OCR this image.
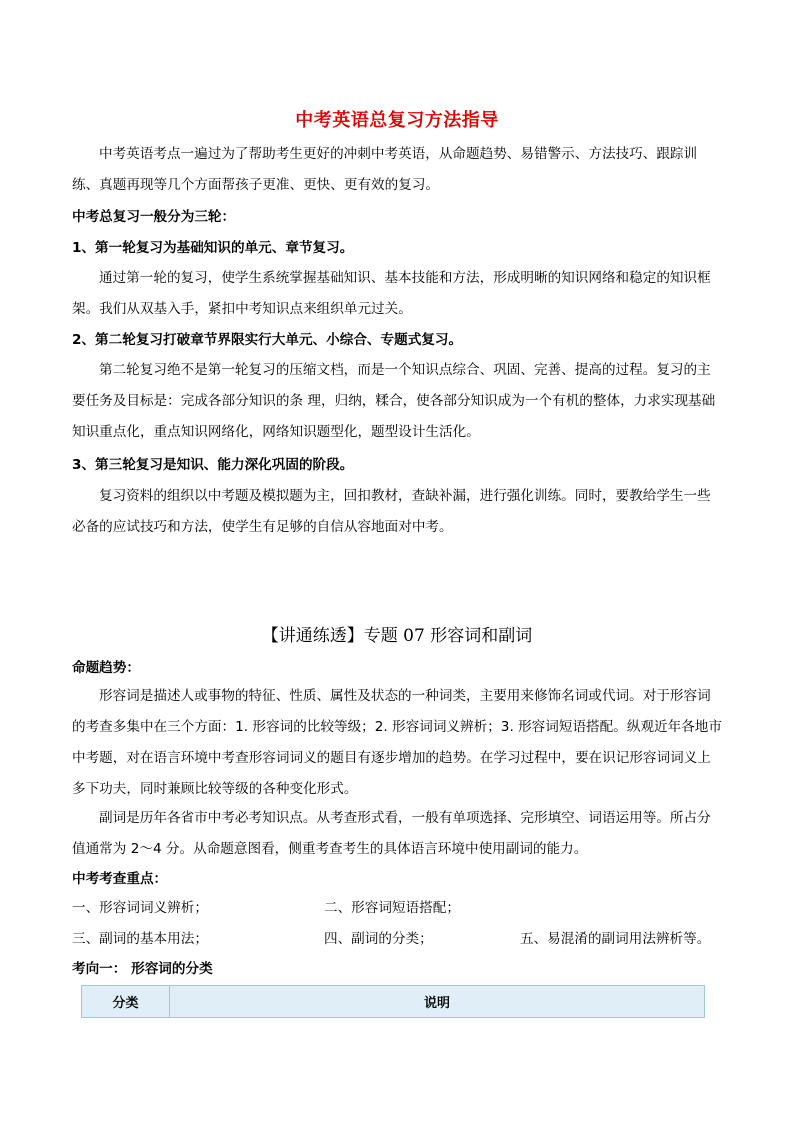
中考英语总复习方法指导
中考英语考点一遍过为了帮助考生更好的冲刺中考英语，从命题趋势、易错警示、方法技巧、跟踪训练、真题再现等几个方面帮孩子更准、更快、更有效的复习。
中考总复习一般分为三轮：
1、第一轮复习为基础知识的单元、章节复习。
通过第一轮的复习，使学生系统掌握基础知识、基本技能和方法，形成明晰的知识网络和稳定的知识框架。我们从双基入手，紧扣中考知识点来组织单元过关。
2、第二轮复习打破章节界限实行大单元、小综合、专题式复习。
第二轮复习绝不是第一轮复习的压缩文档，而是一个知识点综合、巩固、完善、提高的过程。复习的主要任务及目标是：完成各部分知识的条 理，归纳，糅合，使各部分知识成为一个有机的整体，力求实现基础知识重点化，重点知识网络化，网络知识题型化，题型设计生活化。
3、第三轮复习是知识、能力深化巩固的阶段。
复习资料的组织以中考题及模拟题为主，回扣教材，查缺补漏，进行强化训练。同时，要教给学生一些必备的应试技巧和方法，使学生有足够的自信从容地面对中考。
【讲通练透】专题 07 形容词和副词
命题趋势：
形容词是描述人或事物的特征、性质、属性及状态的一种词类，主要用来修饰名词或代词。对于形容词的考查多集中在三个方面：1. 形容词的比较等级；2. 形容词词义辨析；3. 形容词短语搭配。纵观近年各地市中考题，对在语言环境中考查形容词词义的题目有逐步增加的趋势。在学习过程中，要在识记形容词词义上多下功夫，同时兼顾比较等级的各种变化形式。
副词是历年各省市中考必考知识点。从考查形式看，一般有单项选择、完形填空、词语运用等。所占分值通常为 2～4 分。从命题意图看，侧重考查考生的具体语言环境中使用副词的能力。
中考考查重点：
一、形容词词义辨析；	二、形容词短语搭配；
三、副词的基本用法；	四、副词的分类；	五、易混淆的副词用法辨析等。
考向一： 形容词的分类
分类	说明
